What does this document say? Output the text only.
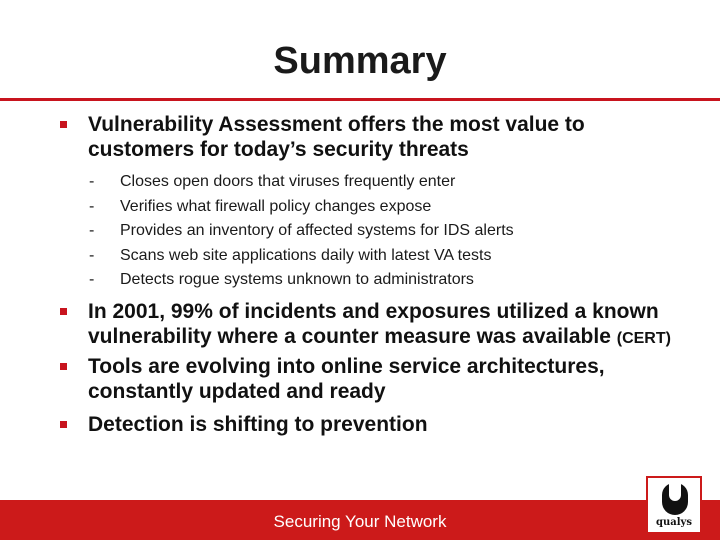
Summary
Vulnerability Assessment offers the most value to customers for today’s security threats
- Closes open doors that viruses frequently enter
- Verifies what firewall policy changes expose
- Provides an inventory of affected systems for IDS alerts
- Scans web site applications daily with latest VA tests
- Detects rogue systems unknown to administrators
In 2001, 99% of incidents and exposures utilized a known vulnerability where a counter measure was available (CERT)
Tools are evolving into online service architectures, constantly updated and ready
Detection is shifting to prevention
Securing Your Network	qualys
